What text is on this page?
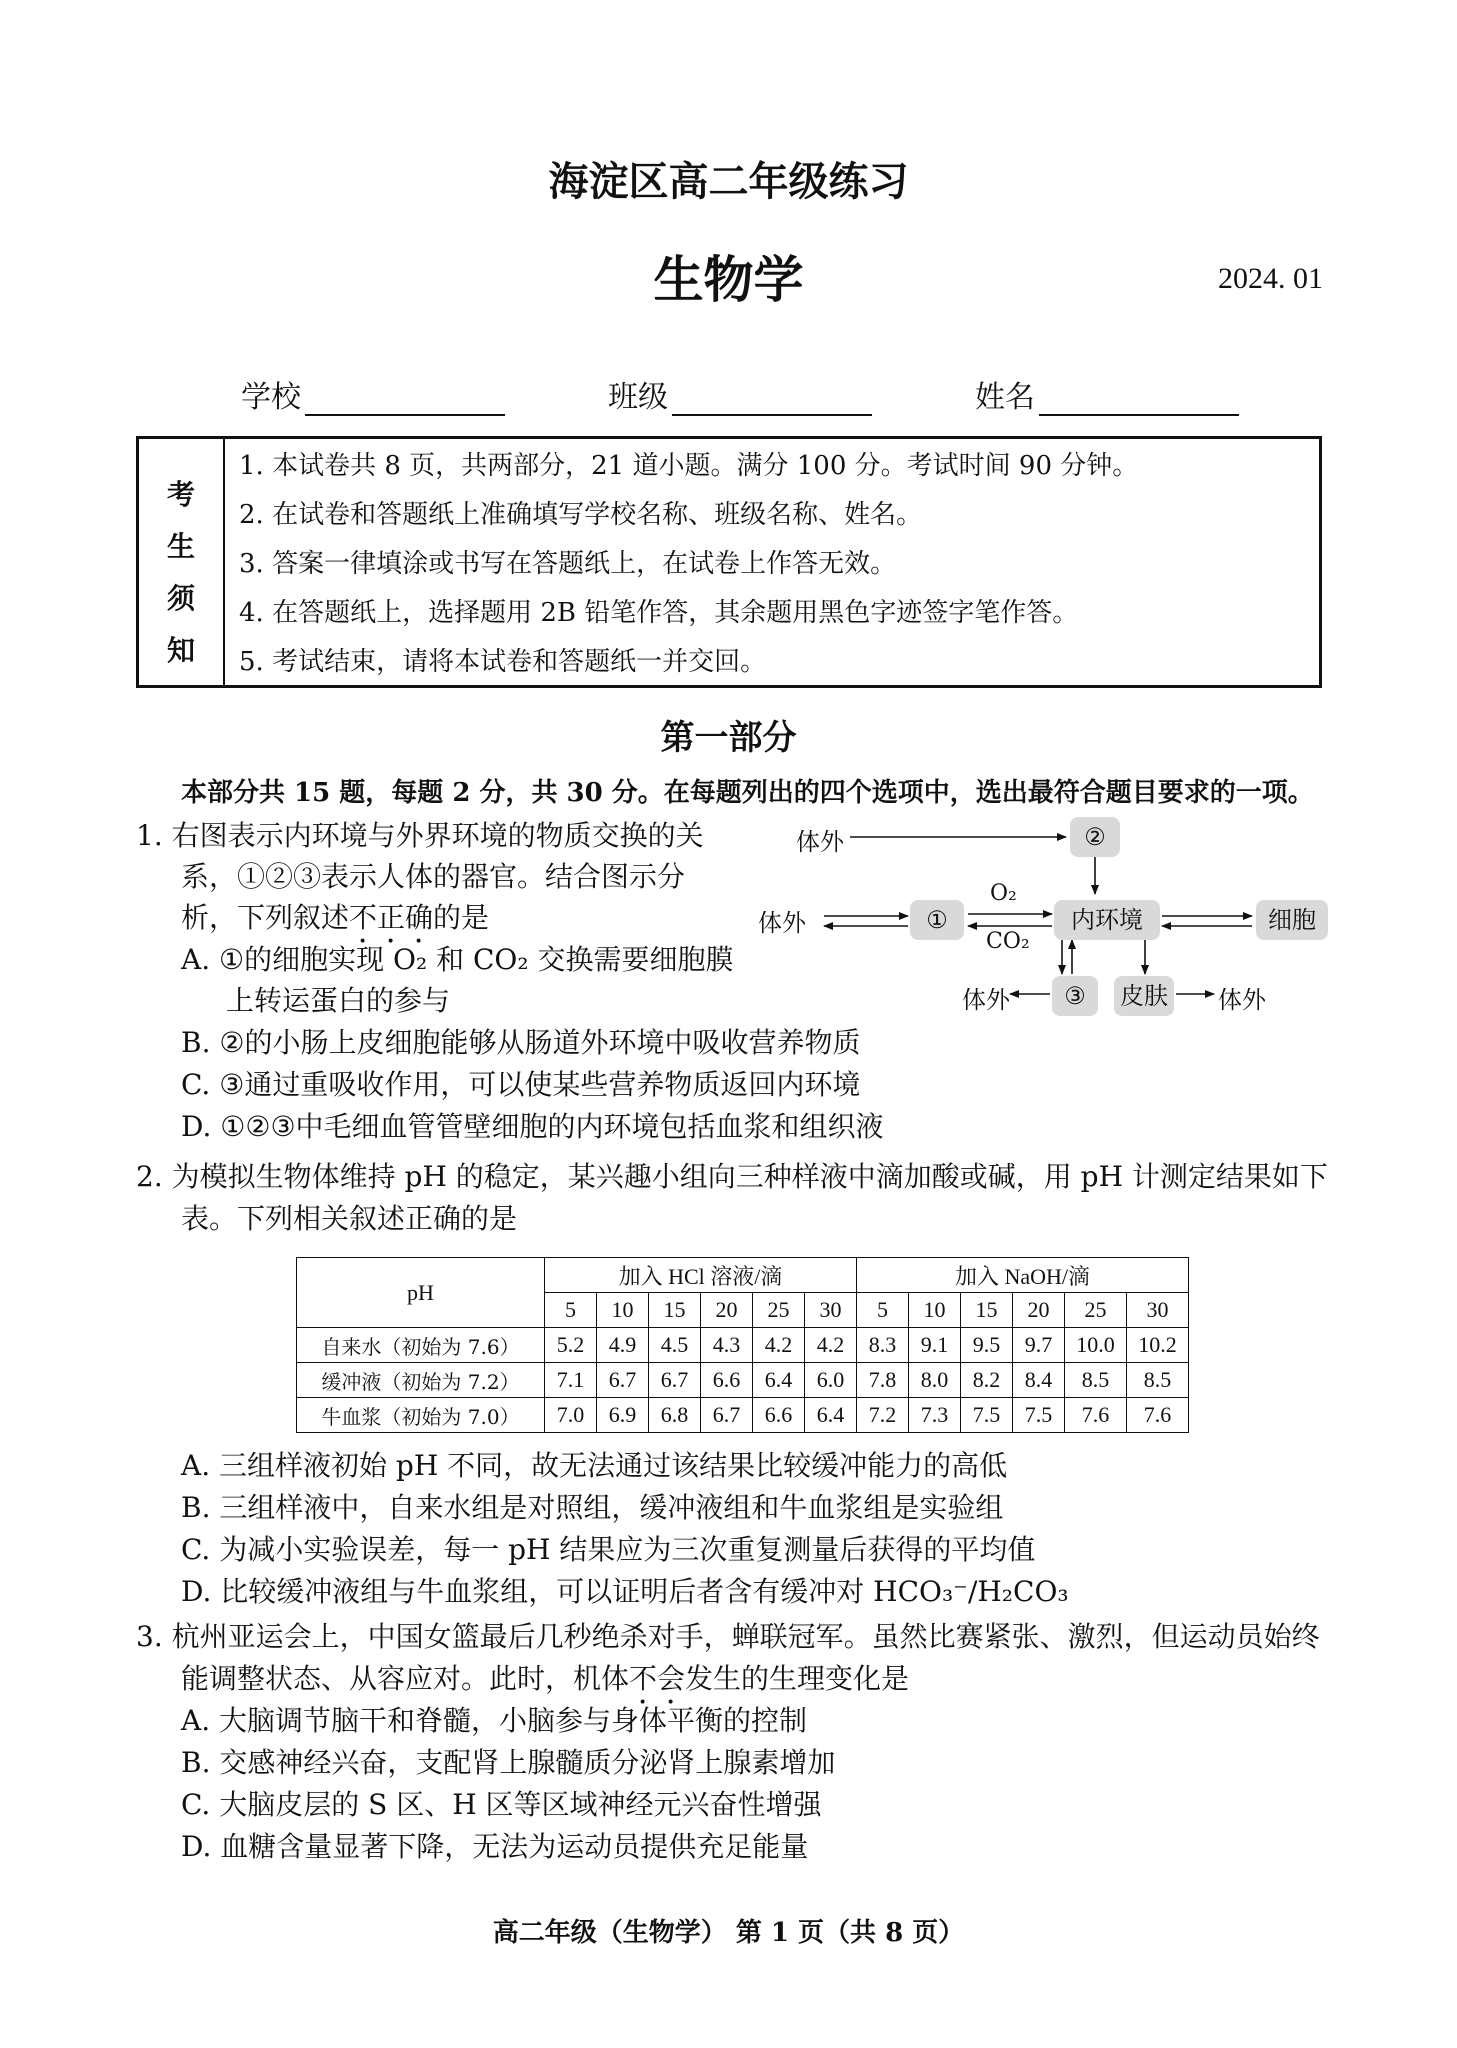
海淀区高二年级练习
生物学	2024. 01
学校	班级	姓名
考
生
须
知
1. 本试卷共 8 页，共两部分，21 道小题。满分 100 分。考试时间 90 分钟。
2. 在试卷和答题纸上准确填写学校名称、班级名称、姓名。
3. 答案一律填涂或书写在答题纸上，在试卷上作答无效。
4. 在答题纸上，选择题用 2B 铅笔作答，其余题用黑色字迹签字笔作答。
5. 考试结束，请将本试卷和答题纸一并交回。
第一部分
本部分共 15 题，每题 2 分，共 30 分。在每题列出的四个选项中，选出最符合题目要求的一项。
1. 右图表示内环境与外界环境的物质交换的关
系，①②③表示人体的器官。结合图示分
析，下列叙述不正确的是
A. ①的细胞实现 O₂ 和 CO₂ 交换需要细胞膜
上转运蛋白的参与
B. ②的小肠上皮细胞能够从肠道外环境中吸收营养物质
C. ③通过重吸收作用，可以使某些营养物质返回内环境
D. ①②③中毛细血管管壁细胞的内环境包括血浆和组织液
体外	②
体外	①
O₂
CO₂
内环境	细胞
体外	③	皮肤 体外
2. 为模拟生物体维持 pH 的稳定，某兴趣小组向三种样液中滴加酸或碱，用 pH 计测定结果如下
表。下列相关叙述正确的是
pH	加入 HCl 溶液/滴						加入 NaOH/滴					
	5	10	15	20	25	30	5	10	15	20	25	30
自来水（初始为 7.6）	5.2	4.9	4.5	4.3	4.2	4.2	8.3	9.1	9.5	9.7	10.0	10.2
缓冲液（初始为 7.2）	7.1	6.7	6.7	6.6	6.4	6.0	7.8	8.0	8.2	8.4	8.5	8.5
牛血浆（初始为 7.0）	7.0	6.9	6.8	6.7	6.6	6.4	7.2	7.3	7.5	7.5	7.6	7.6
A. 三组样液初始 pH 不同，故无法通过该结果比较缓冲能力的高低
B. 三组样液中，自来水组是对照组，缓冲液组和牛血浆组是实验组
C. 为减小实验误差，每一 pH 结果应为三次重复测量后获得的平均值
D. 比较缓冲液组与牛血浆组，可以证明后者含有缓冲对 HCO₃⁻/H₂CO₃
3. 杭州亚运会上，中国女篮最后几秒绝杀对手，蝉联冠军。虽然比赛紧张、激烈，但运动员始终
能调整状态、从容应对。此时，机体不会发生的生理变化是
A. 大脑调节脑干和脊髓，小脑参与身体平衡的控制
B. 交感神经兴奋，支配肾上腺髓质分泌肾上腺素增加
C. 大脑皮层的 S 区、H 区等区域神经元兴奋性增强
D. 血糖含量显著下降，无法为运动员提供充足能量
高二年级（生物学） 第 1 页（共 8 页）
